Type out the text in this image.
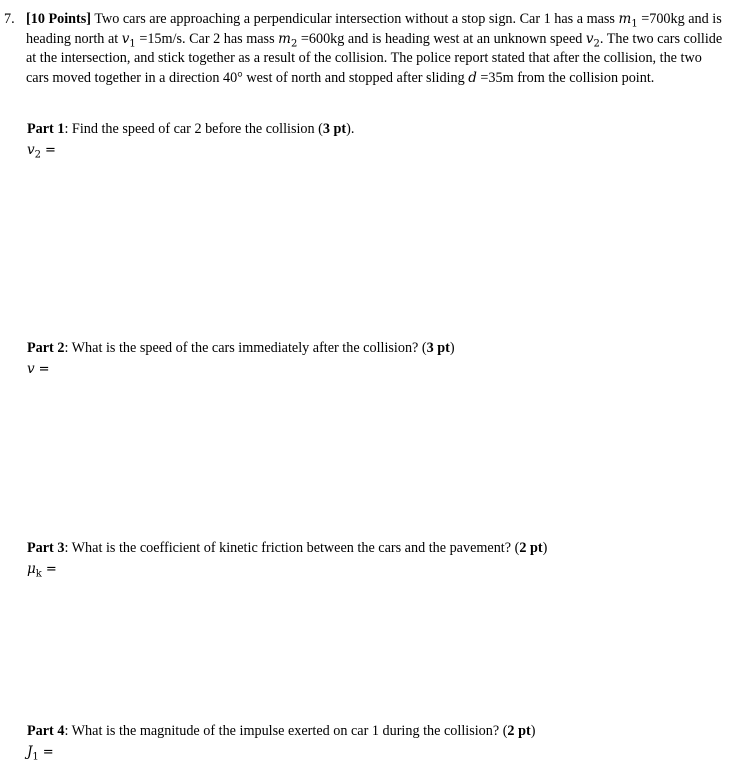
7. [10 Points] Two cars are approaching a perpendicular intersection without a stop sign. Car 1 has a mass $m_1 =700kg$ and is heading north at $v_1 =15m/s$. Car 2 has mass $m_2 =600kg$ and is heading west at an unknown speed $v_2$. The two cars collide at the intersection, and stick together as a result of the collision. The police report stated that after the collision, the two cars moved together in a direction 40° west of north and stopped after sliding d =35m from the collision point.
Part 1: Find the speed of car 2 before the collision (3 pt).
$v_2$ =
Part 2: What is the speed of the cars immediately after the collision? (3 pt)
v =
Part 3: What is the coefficient of kinetic friction between the cars and the pavement? (2 pt)
$\mu_k$ =
Part 4: What is the magnitude of the impulse exerted on car 1 during the collision? (2 pt)
$J_1$ =
